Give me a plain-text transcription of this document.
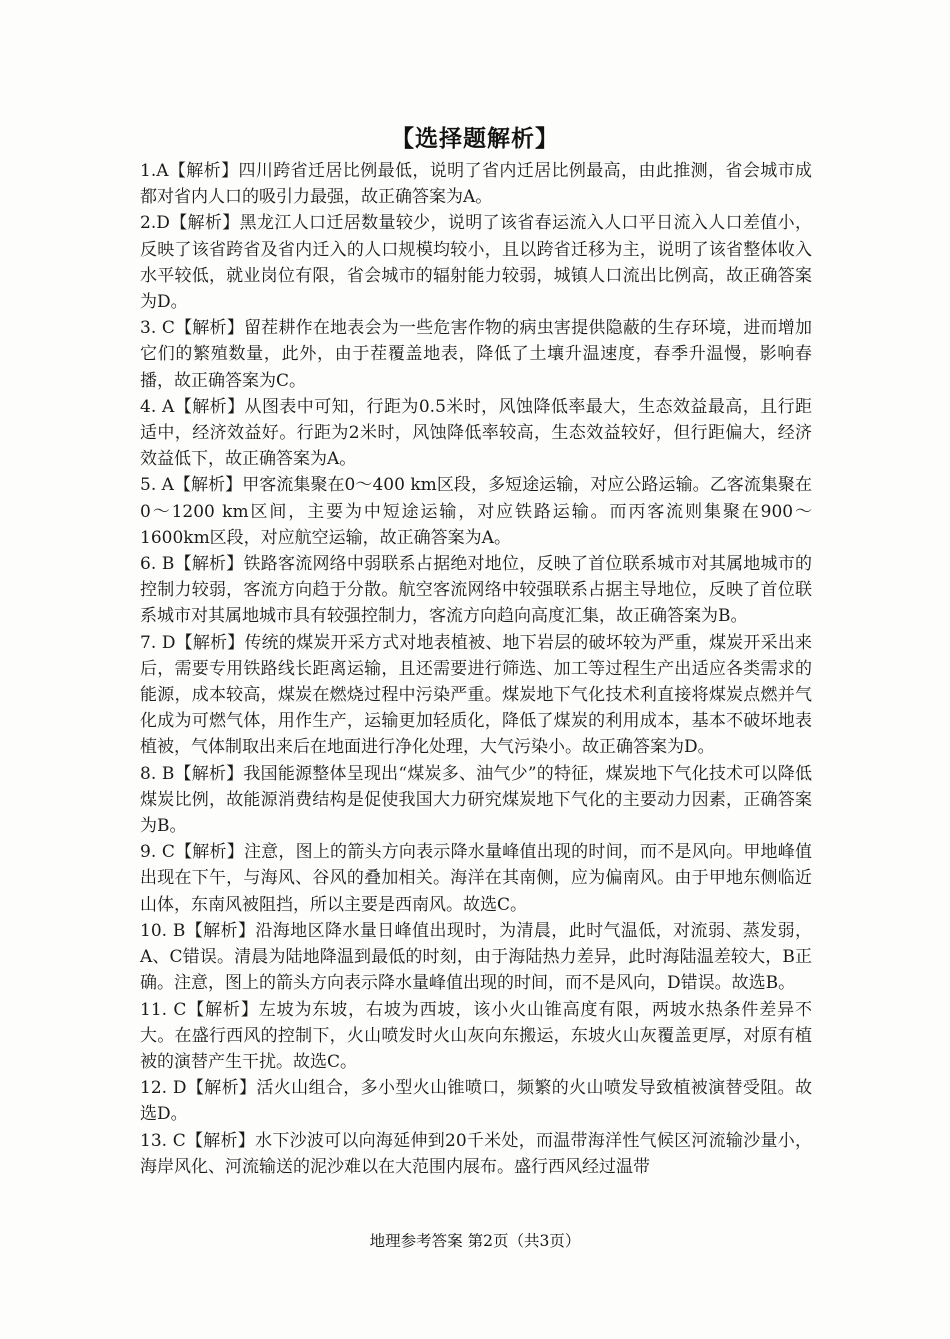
【选择题解析】
1.A【解析】四川跨省迁居比例最低，说明了省内迁居比例最高，由此推测，省会城市成都对省内人口的吸引力最强，故正确答案为A。
2.D【解析】黑龙江人口迁居数量较少，说明了该省春运流入人口平日流入人口差值小，反映了该省跨省及省内迁入的人口规模均较小，且以跨省迁移为主，说明了该省整体收入水平较低，就业岗位有限，省会城市的辐射能力较弱，城镇人口流出比例高，故正确答案为D。
3. C【解析】留茬耕作在地表会为一些危害作物的病虫害提供隐蔽的生存环境，进而增加它们的繁殖数量，此外，由于茬覆盖地表，降低了土壤升温速度，春季升温慢，影响春播，故正确答案为C。
4. A【解析】从图表中可知，行距为0.5米时，风蚀降低率最大，生态效益最高，且行距适中，经济效益好。行距为2米时，风蚀降低率较高，生态效益较好，但行距偏大，经济效益低下，故正确答案为A。
5. A【解析】甲客流集聚在0～400 km区段，多短途运输，对应公路运输。乙客流集聚在0～1200 km区间，主要为中短途运输，对应铁路运输。而丙客流则集聚在900～1600km区段，对应航空运输，故正确答案为A。
6. B【解析】铁路客流网络中弱联系占据绝对地位，反映了首位联系城市对其属地城市的控制力较弱，客流方向趋于分散。航空客流网络中较强联系占据主导地位，反映了首位联系城市对其属地城市具有较强控制力，客流方向趋向高度汇集，故正确答案为B。
7. D【解析】传统的煤炭开采方式对地表植被、地下岩层的破坏较为严重，煤炭开采出来后，需要专用铁路线长距离运输，且还需要进行筛选、加工等过程生产出适应各类需求的能源，成本较高，煤炭在燃烧过程中污染严重。煤炭地下气化技术利直接将煤炭点燃并气化成为可燃气体，用作生产，运输更加轻质化，降低了煤炭的利用成本，基本不破坏地表植被，气体制取出来后在地面进行净化处理，大气污染小。故正确答案为D。
8. B【解析】我国能源整体呈现出“煤炭多、油气少”的特征，煤炭地下气化技术可以降低煤炭比例，故能源消费结构是促使我国大力研究煤炭地下气化的主要动力因素，正确答案为B。
9. C【解析】注意，图上的箭头方向表示降水量峰值出现的时间，而不是风向。甲地峰值出现在下午，与海风、谷风的叠加相关。海洋在其南侧，应为偏南风。由于甲地东侧临近山体，东南风被阻挡，所以主要是西南风。故选C。
10. B【解析】沿海地区降水量日峰值出现时，为清晨，此时气温低，对流弱、蒸发弱，A、C错误。清晨为陆地降温到最低的时刻，由于海陆热力差异，此时海陆温差较大，B正确。注意，图上的箭头方向表示降水量峰值出现的时间，而不是风向，D错误。故选B。
11. C【解析】左坡为东坡，右坡为西坡，该小火山锥高度有限，两坡水热条件差异不大。在盛行西风的控制下，火山喷发时火山灰向东搬运，东坡火山灰覆盖更厚，对原有植被的演替产生干扰。故选C。
12. D【解析】活火山组合，多小型火山锥喷口，频繁的火山喷发导致植被演替受阻。故选D。
13. C【解析】水下沙波可以向海延伸到20千米处，而温带海洋性气候区河流输沙量小，海岸风化、河流输送的泥沙难以在大范围内展布。盛行西风经过温带
地理参考答案 第2页（共3页）
